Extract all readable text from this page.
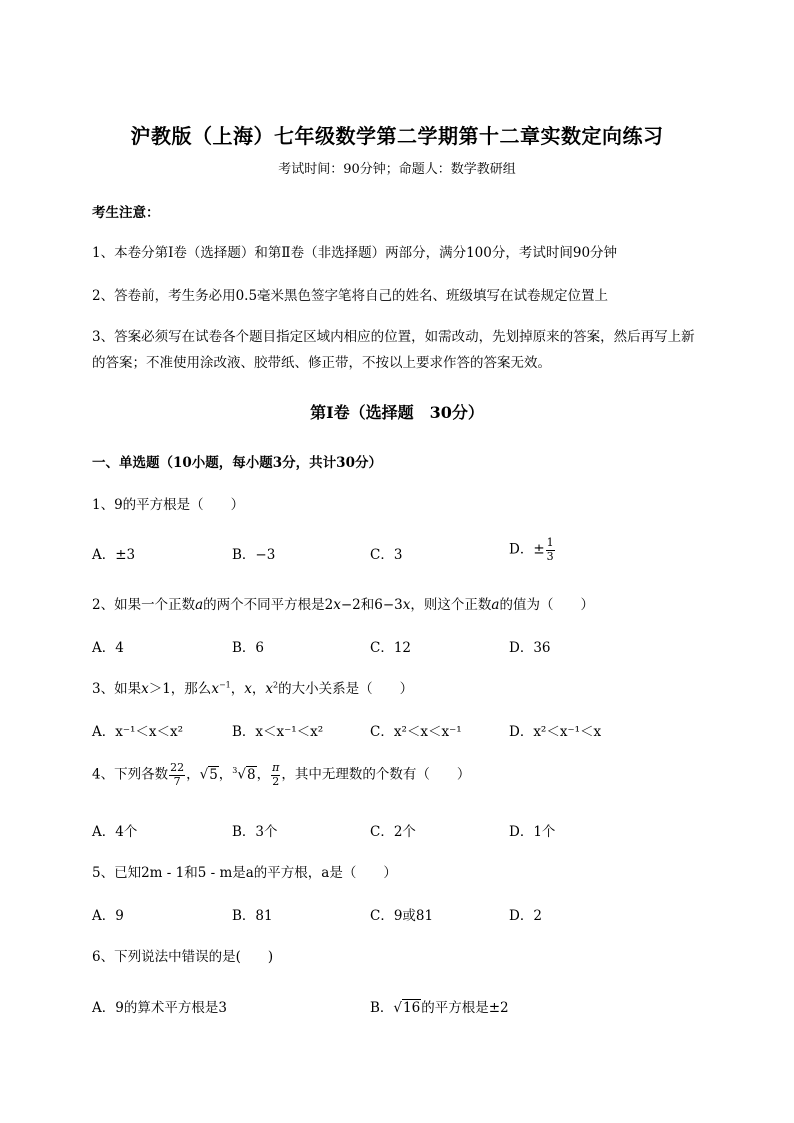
沪教版（上海）七年级数学第二学期第十二章实数定向练习
考试时间：90分钟；命题人：数学教研组
考生注意：
1、本卷分第Ⅰ卷（选择题）和第Ⅱ卷（非选择题）两部分，满分100分，考试时间90分钟
2、答卷前，考生务必用0.5毫米黑色签字笔将自己的姓名、班级填写在试卷规定位置上
3、答案必须写在试卷各个题目指定区域内相应的位置，如需改动，先划掉原来的答案，然后再写上新
的答案；不准使用涂改液、胶带纸、修正带，不按以上要求作答的答案无效。
第Ⅰ卷（选择题　30分）
一、单选题（10小题，每小题3分，共计30分）
1、9的平方根是（　　）
A．±3	B．−3	C．3	D．± $\frac{1}{3}$
2、如果一个正数a的两个不同平方根是2x−2和6−3x，则这个正数a的值为（　　）
A．4	B．6	C．12	D．36
3、如果x＞1，那么$x^{-1}$，x，$x^2$的大小关系是（　　）
A．x⁻¹＜x＜x²	B．x＜x⁻¹＜x²	C．x²＜x＜x⁻¹	D．x²＜x⁻¹＜x
4、下列各数 $\frac{22}{7}$ ，√5，$^3$√8， $\frac{\pi}{2}$ ，其中无理数的个数有（　　）
A．4个	B．3个	C．2个	D．1个
5、已知2m - 1和5 - m是a的平方根，a是（　　）
A．9	B．81	C．9或81	D．2
6、下列说法中错误的是(　　)
A．9的算术平方根是3	B．√16的平方根是±2
